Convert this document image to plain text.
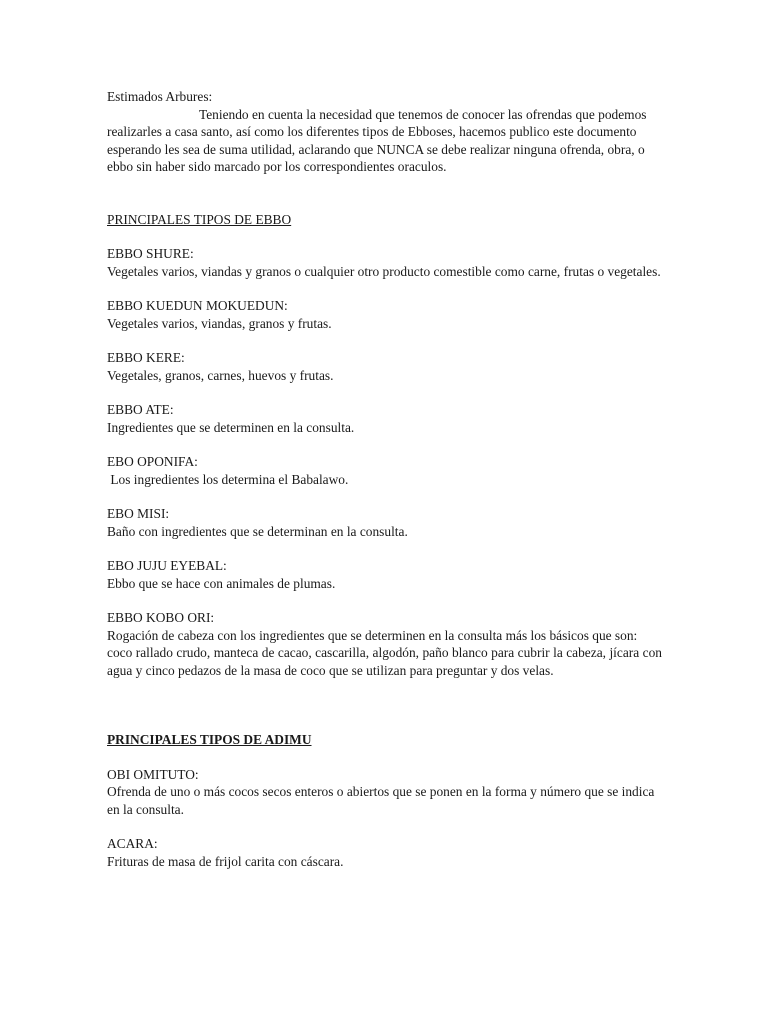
Estimados Arbures:

Teniendo en cuenta la necesidad que tenemos de conocer las ofrendas que podemos realizarles a casa santo, así como los diferentes tipos de Ebboses, hacemos publico este documento esperando les sea de suma utilidad, aclarando que NUNCA se debe realizar ninguna ofrenda, obra, o ebbo sin haber sido marcado por los correspondientes oraculos.

PRINCIPALES TIPOS DE EBBO

EBBO SHURE:

Vegetales varios, viandas y granos o cualquier otro producto comestible como carne, frutas o vegetales.

EBBO KUEDUN MOKUEDUN:

Vegetales varios, viandas, granos y frutas.

EBBO KERE:

Vegetales, granos, carnes, huevos y frutas.

EBBO ATE:

Ingredientes que se determinen en la consulta.

EBO OPONIFA:

Los ingredientes los determina el Babalawo.

EBO MISI:

Baño con ingredientes que se determinan en la consulta.

EBO JUJU EYEBAL:

Ebbo que se hace con animales de plumas.

EBBO KOBO ORI:

Rogación de cabeza con los ingredientes que se determinen en la consulta más los básicos que son:

coco rallado crudo, manteca de cacao, cascarilla, algodón, paño blanco para cubrir la cabeza, jícara con agua y cinco pedazos de la masa de coco que se utilizan para preguntar y dos velas.

PRINCIPALES TIPOS DE ADIMU

OBI OMITUTO:

Ofrenda de uno o más cocos secos enteros o abiertos que se ponen en la forma y número que se indica en la consulta.

ACARA:

Frituras de masa de frijol carita con cáscara.
